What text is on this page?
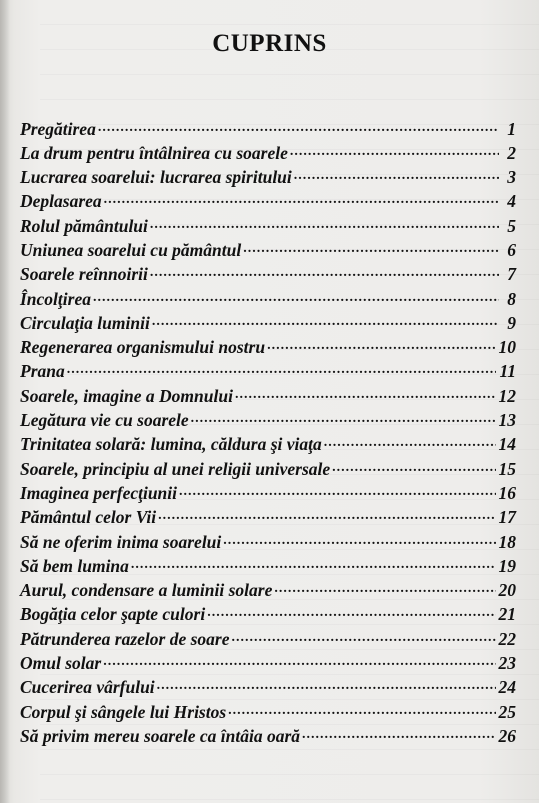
CUPRINS
Pregătirea .....	1
La drum pentru întâlnirea cu soarele .....	2
Lucrarea soarelui: lucrarea spiritului .....	3
Deplasarea .....	4
Rolul pământului .....	5
Uniunea soarelui cu pământul .....	6
Soarele reînnoirii .....	7
Încolţirea .....	8
Circulaţia luminii .....	9
Regenerarea organismului nostru .....	10
Prana .....	11
Soarele, imagine a Domnului .....	12
Legătura vie cu soarele .....	13
Trinitatea solară: lumina, căldura şi viaţa .....	14
Soarele, principiu al unei religii universale .....	15
Imaginea perfecţiunii .....	16
Pământul celor Vii .....	17
Să ne oferim inima soarelui .....	18
Să bem lumina .....	19
Aurul, condensare a luminii solare .....	20
Bogăţia celor şapte culori .....	21
Pătrunderea razelor de soare .....	22
Omul solar .....	23
Cucerirea vârfului .....	24
Corpul şi sângele lui Hristos .....	25
Să privim mereu soarele ca întâia oară .....	26
